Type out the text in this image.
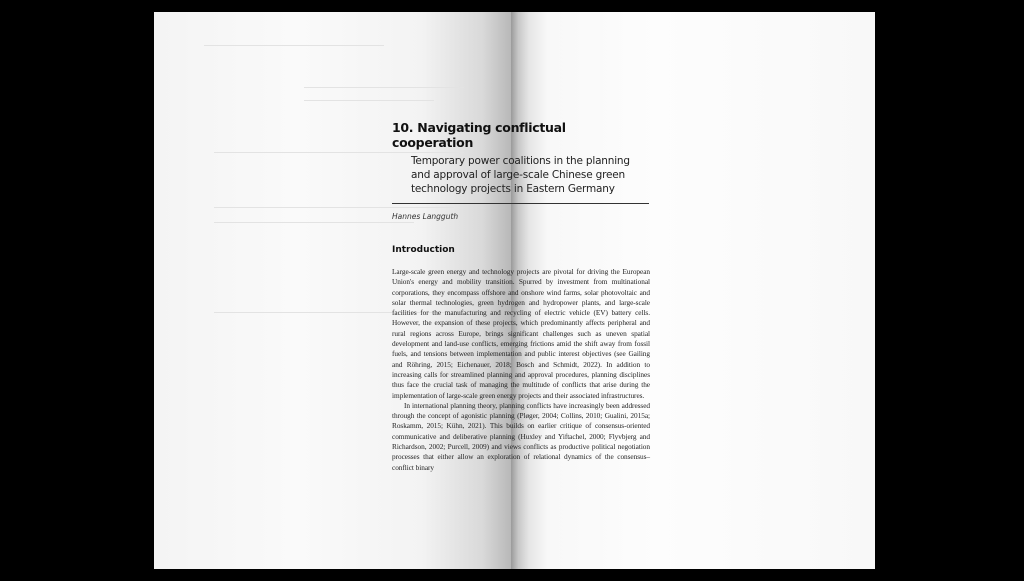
10. Navigating conflictual cooperation
Temporary power coalitions in the planning and approval of large-scale Chinese green technology projects in Eastern Germany
Hannes Langguth
Introduction

Large-scale green energy and technology projects are pivotal for driving the European Union's energy and mobility transition. Spurred by investment from multinational corporations, they encompass offshore and onshore wind farms, solar photovoltaic and solar thermal technologies, green hydrogen and hydropower plants, and large-scale facilities for the manufacturing and recycling of electric vehicle (EV) battery cells. However, the expansion of these projects, which predominantly affects peripheral and rural regions across Europe, brings significant challenges such as uneven spatial development and land-use conflicts, emerging frictions amid the shift away from fossil fuels, and tensions between implementation and public interest objectives (see Gailing and Röhring, 2015; Eichenauer, 2018; Bosch and Schmidt, 2022). In addition to increasing calls for streamlined planning and approval procedures, planning disciplines thus face the crucial task of managing the multitude of conflicts that arise during the implementation of large-scale green energy projects and their associated infrastructures.

In international planning theory, planning conflicts have increasingly been addressed through the concept of agonistic planning (Pløger, 2004; Collins, 2010; Gualini, 2015a; Roskamm, 2015; Kühn, 2021). This builds on earlier critique of consensus-oriented communicative and deliberative planning (Huxley and Yiftachel, 2000; Flyvbjerg and Richardson, 2002; Purcell, 2009) and views conflicts as productive political negotiation processes that either allow an exploration of relational dynamics of the consensus–conflict binary
